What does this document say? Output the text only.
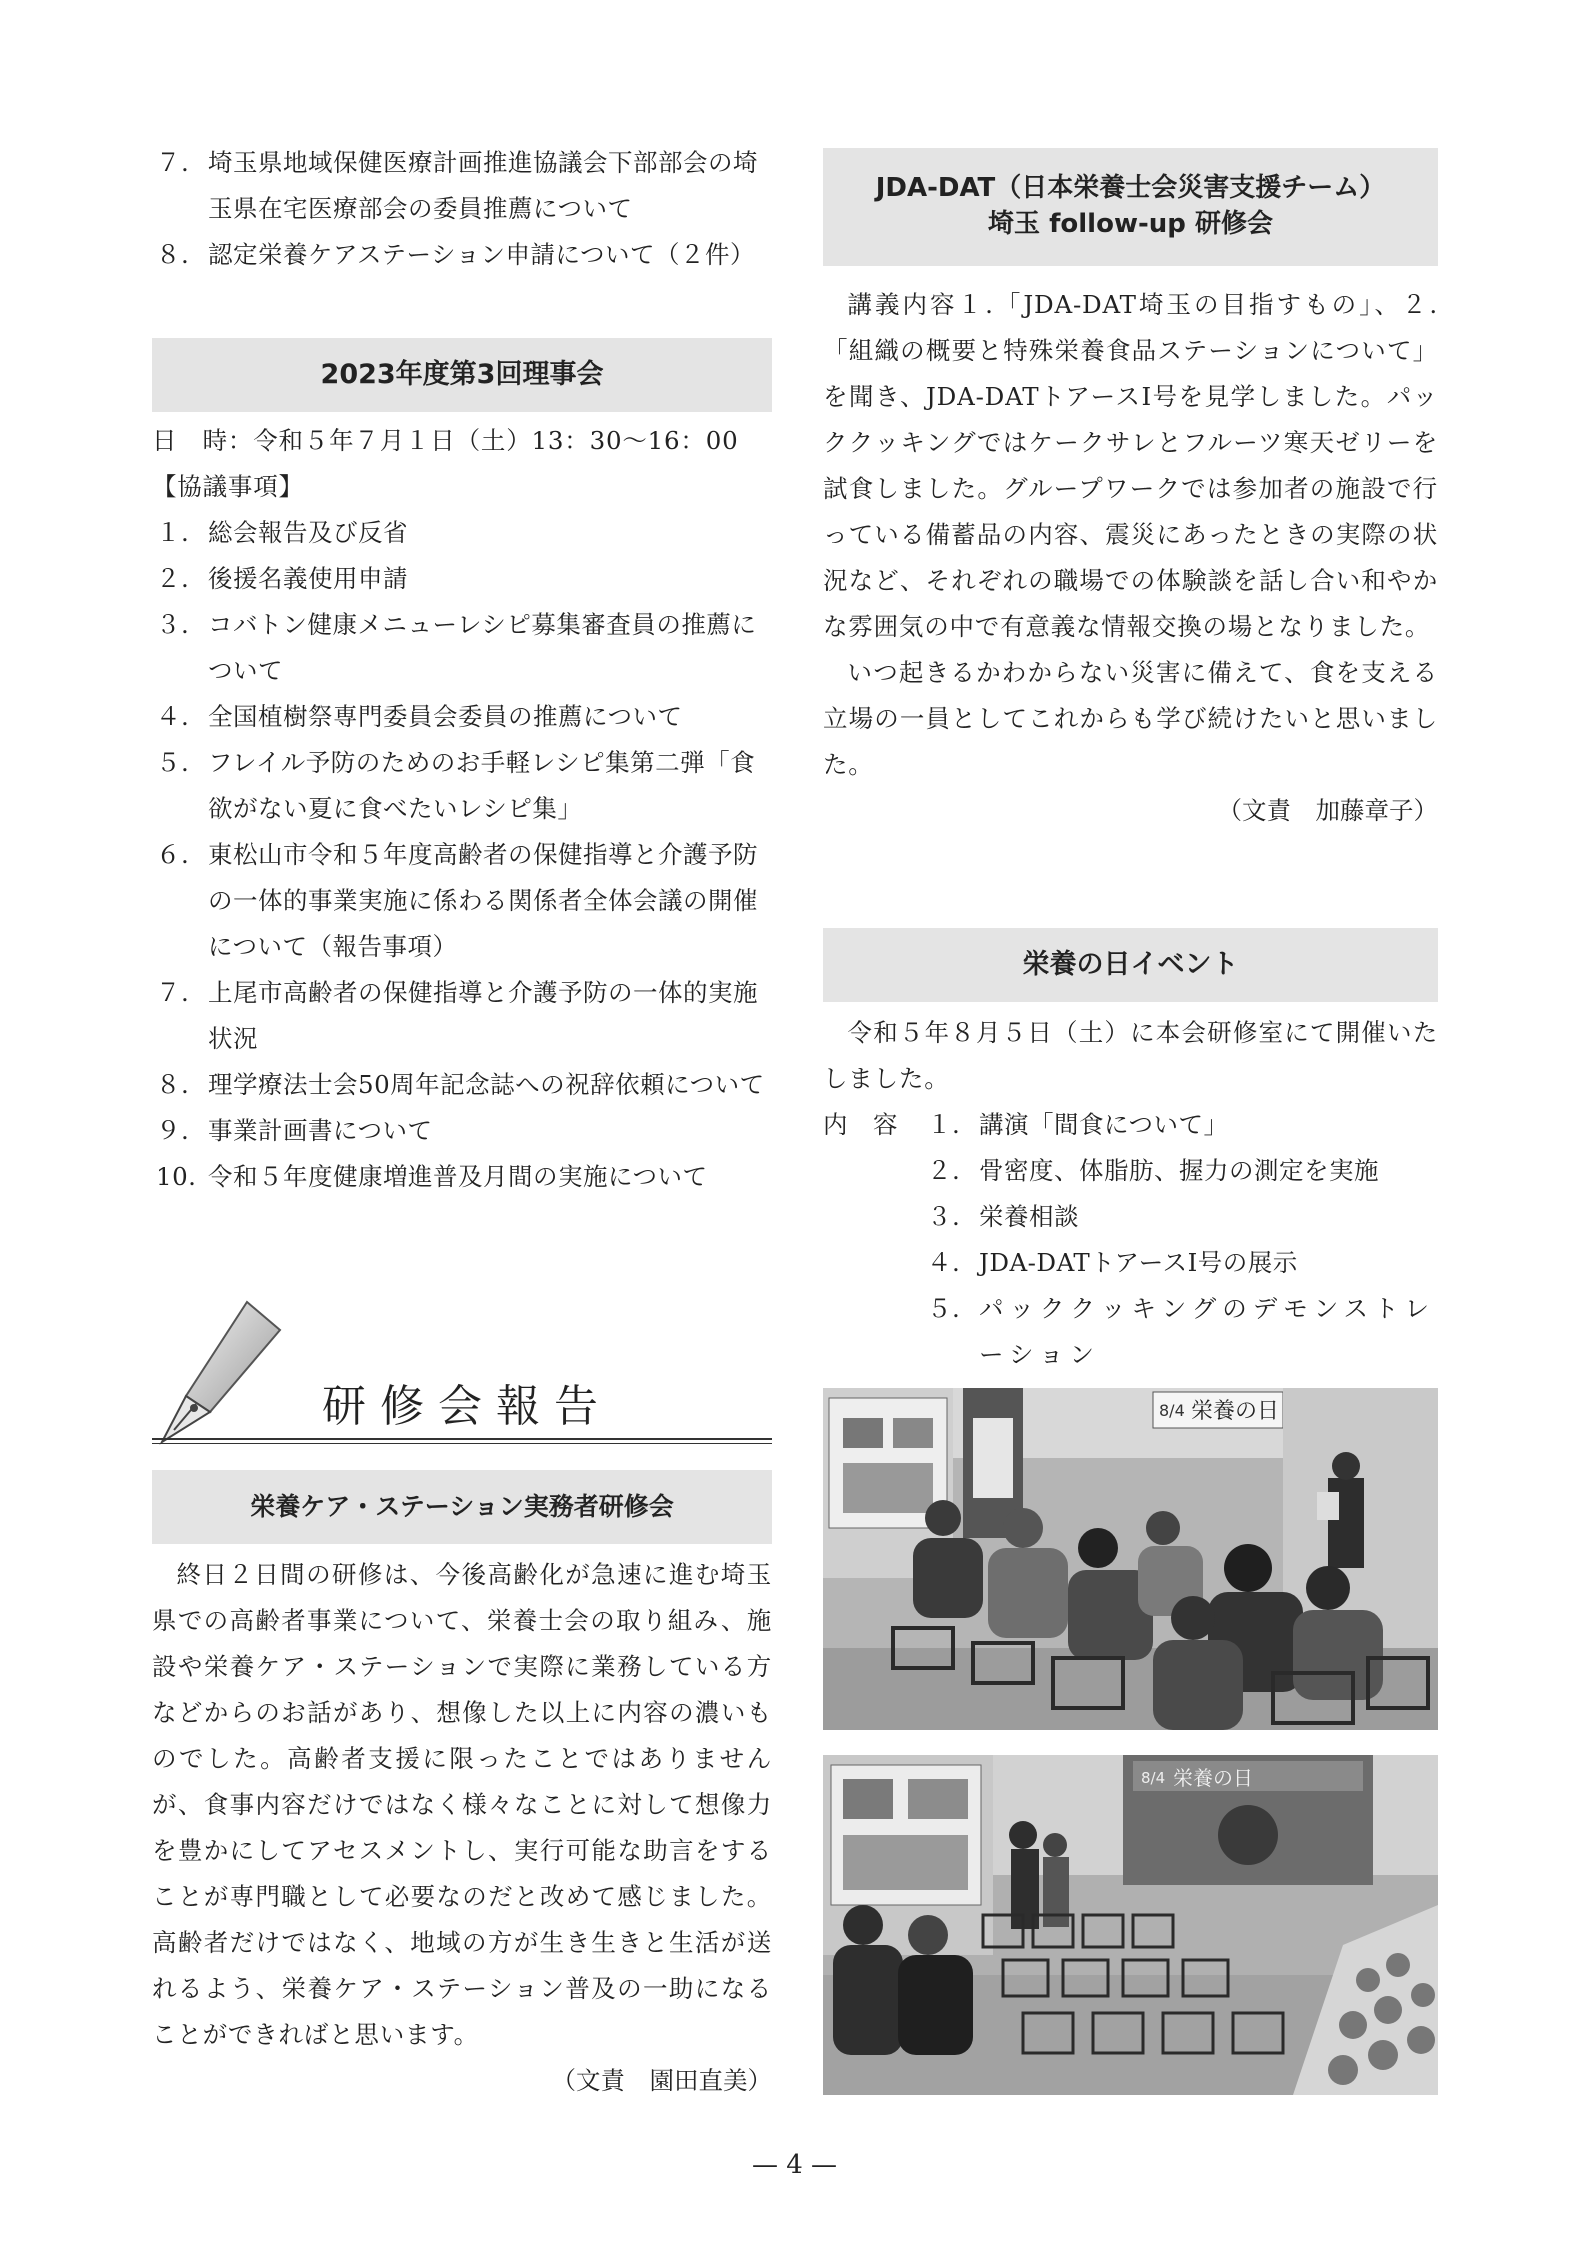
７. 埼玉県地域保健医療計画推進協議会下部部会の埼玉県在宅医療部会の委員推薦について
８. 認定栄養ケアステーション申請について（２件）
2023年度第3回理事会

日　時：令和５年７月１日（土）13：30〜16：00

【協議事項】

１. 総会報告及び反省
２. 後援名義使用申請
３. コバトン健康メニューレシピ募集審査員の推薦について
４. 全国植樹祭専門委員会委員の推薦について
５. フレイル予防のためのお手軽レシピ集第二弾「食欲がない夏に食べたいレシピ集」
６. 東松山市令和５年度高齢者の保健指導と介護予防の一体的事業実施に係わる関係者全体会議の開催について（報告事項）
７. 上尾市高齢者の保健指導と介護予防の一体的実施状況
８. 理学療法士会50周年記念誌への祝辞依頼について
９. 事業計画書について
10. 令和５年度健康増進普及月間の実施について
研修会報告
栄養ケア・ステーション実務者研修会

終日２日間の研修は、今後高齢化が急速に進む埼玉県での高齢者事業について、栄養士会の取り組み、施設や栄養ケア・ステーションで実際に業務している方などからのお話があり、想像した以上に内容の濃いものでした。高齢者支援に限ったことではありませんが、食事内容だけではなく様々なことに対して想像力を豊かにしてアセスメントし、実行可能な助言をすることが専門職として必要なのだと改めて感じました。高齢者だけではなく、地域の方が生き生きと生活が送れるよう、栄養ケア・ステーション普及の一助になることができればと思います。

（文責　園田直美）

JDA-DAT（日本栄養士会災害支援チーム）
埼玉 follow-up 研修会

講義内容１.「JDA-DAT埼玉の目指すもの」、２.「組織の概要と特殊栄養食品ステーションについて」を聞き、JDA-DATトアースⅠ号を見学しました。パッククッキングではケークサレとフルーツ寒天ゼリーを試食しました。グループワークでは参加者の施設で行っている備蓄品の内容、震災にあったときの実際の状況など、それぞれの職場での体験談を話し合い和やかな雰囲気の中で有意義な情報交換の場となりました。

いつ起きるかわからない災害に備えて、食を支える立場の一員としてこれからも学び続けたいと思いました。

（文責　加藤章子）

栄養の日イベント

令和５年８月５日（土）に本会研修室にて開催いたしました。

内　容 １. 講演「間食について」
２. 骨密度、体脂肪、握力の測定を実施
３. 栄養相談
４. JDA-DATトアースⅠ号の展示
５. パッククッキングのデモンストレーション
8/4 栄養の日
8/4 栄養の日
— 4 —
